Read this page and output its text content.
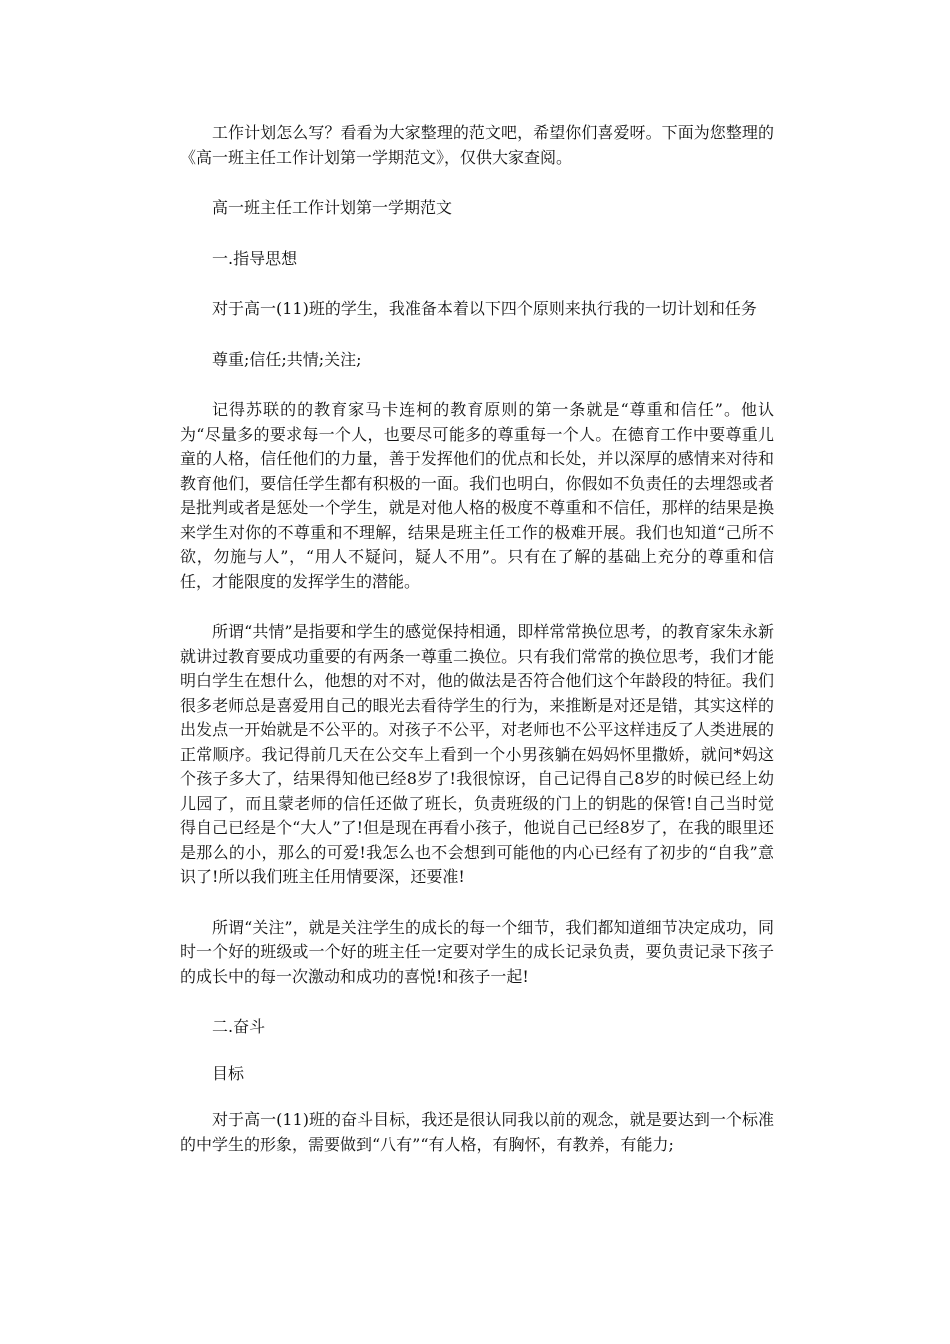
工作计划怎么写？看看为大家整理的范文吧，希望你们喜爱呀。下面为您整理的《高一班主任工作计划第一学期范文》，仅供大家查阅。

高一班主任工作计划第一学期范文

一.指导思想

对于高一(11)班的学生，我准备本着以下四个原则来执行我的一切计划和任务

尊重;信任;共情;关注;

记得苏联的的教育家马卡连柯的教育原则的第一条就是“尊重和信任”。他认为“尽量多的要求每一个人，也要尽可能多的尊重每一个人。在德育工作中要尊重儿童的人格，信任他们的力量，善于发挥他们的优点和长处，并以深厚的感情来对待和教育他们，要信任学生都有积极的一面。我们也明白，你假如不负责任的去埋怨或者是批判或者是惩处一个学生，就是对他人格的极度不尊重和不信任，那样的结果是换来学生对你的不尊重和不理解，结果是班主任工作的极难开展。我们也知道“己所不欲，勿施与人”，“用人不疑问，疑人不用”。只有在了解的基础上充分的尊重和信任，才能限度的发挥学生的潜能。

所谓“共情”是指要和学生的感觉保持相通，即样常常换位思考，的教育家朱永新就讲过教育要成功重要的有两条一尊重二换位。只有我们常常的换位思考，我们才能明白学生在想什么，他想的对不对，他的做法是否符合他们这个年龄段的特征。我们很多老师总是喜爱用自己的眼光去看待学生的行为，来推断是对还是错，其实这样的出发点一开始就是不公平的。对孩子不公平，对老师也不公平这样违反了人类进展的正常顺序。我记得前几天在公交车上看到一个小男孩躺在妈妈怀里撒娇，就问*妈这个孩子多大了，结果得知他已经8岁了!我很惊讶，自己记得自己8岁的时候已经上幼儿园了，而且蒙老师的信任还做了班长，负责班级的门上的钥匙的保管!自己当时觉得自己已经是个“大人”了!但是现在再看小孩子，他说自己已经8岁了，在我的眼里还是那么的小，那么的可爱!我怎么也不会想到可能他的内心已经有了初步的“自我”意识了!所以我们班主任用情要深，还要准!

所谓“关注”，就是关注学生的成长的每一个细节，我们都知道细节决定成功，同时一个好的班级或一个好的班主任一定要对学生的成长记录负责，要负责记录下孩子的成长中的每一次激动和成功的喜悦!和孩子一起!

二.奋斗

目标

对于高一(11)班的奋斗目标，我还是很认同我以前的观念，就是要达到一个标准的中学生的形象，需要做到“八有”“有人格，有胸怀，有教养，有能力;
